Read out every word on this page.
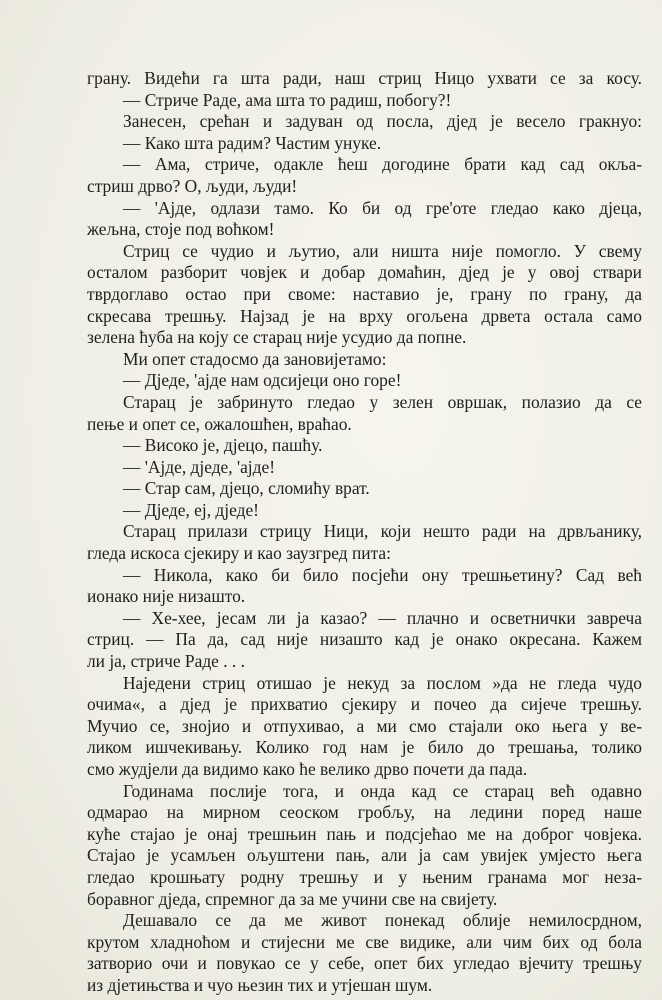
грану. Видећи га шта ради, наш стриц Ницо ухвати се за косу.
— Стриче Раде, ама шта то радиш, побогу?!
Занесен, срећан и задуван од посла, дјед је весело гракнуо:
— Како шта радим? Частим унуке.
— Ама, стриче, одакле ћеш догодине брати кад сад окља-
стриш дрво? О, људи, људи!
— 'Аjде, одлази тамо. Ко би од гре'оте гледао како дјеца,
жељна, стоје под воћком!
Стриц се чудио и љутио, али ништа није помогло. У свему
осталом разборит човјек и добар домаћин, дјед је у овој ствари
тврдоглаво остао при своме: наставио је, грану по грану, да
скресава трешњу. Најзад је на врху огољена дрвета остала само
зелена ћуба на коју се старац није усудио да попне.
Ми опет стадосмо да зановијетамо:
— Дједе, 'аjде нам одсијеци оно горе!
Старац је забринуто гледао у зелен овршак, полазио да се
пење и опет се, ожалошћен, враћао.
— Високо је, дјецо, пашћу.
— 'Аjде, дједе, 'аjде!
— Стар сам, дјецо, сломићу врат.
— Дједе, еј, дједе!
Старац прилази стрицу Ници, који нешто ради на дрвљанику,
гледа искоса сјекиру и као заузгред пита:
— Никола, како би било посјећи ону трешњетину? Сад већ
ионако није низашто.
— Хе-хее, јесам ли ја казао? — плачно и осветнички завреча
стриц. — Па да, сад није низашто кад је онако окресана. Кажем
ли ја, стриче Раде . . .
Наједени стриц отишао је некуд за послом »да не гледа чудо
очима«, а дјед је прихватио сјекиру и почео да сијече трешњу.
Мучио се, знојио и отпухивао, а ми смо стајали око њега у ве-
ликом ишчекивању. Колико год нам је било до трешања, толико
смо жудјели да видимо како ће велико дрво почети да пада.
Годинама послије тога, и онда кад се старац већ одавно
одмарао на мирном сеоском гробљу, на ледини поред наше
куће стајао је онај трешњин пањ и подсјећао ме на доброг човјека.
Стајао је усамљен ољуштени пањ, али ја сам увијек умјесто њега
гледао крошњату родну трешњу и у њеним гранама мог неза-
боравног дједа, спремног да за ме учини све на свијету.
Дешавало се да ме живот понекад облије немилосрдном,
крутом хладноћом и стијесни ме све видике, али чим бих од бола
затворио очи и повукао се у себе, опет бих угледао вјечиту трешњу
из дјетињства и чуо њезин тих и утјешан шум.
